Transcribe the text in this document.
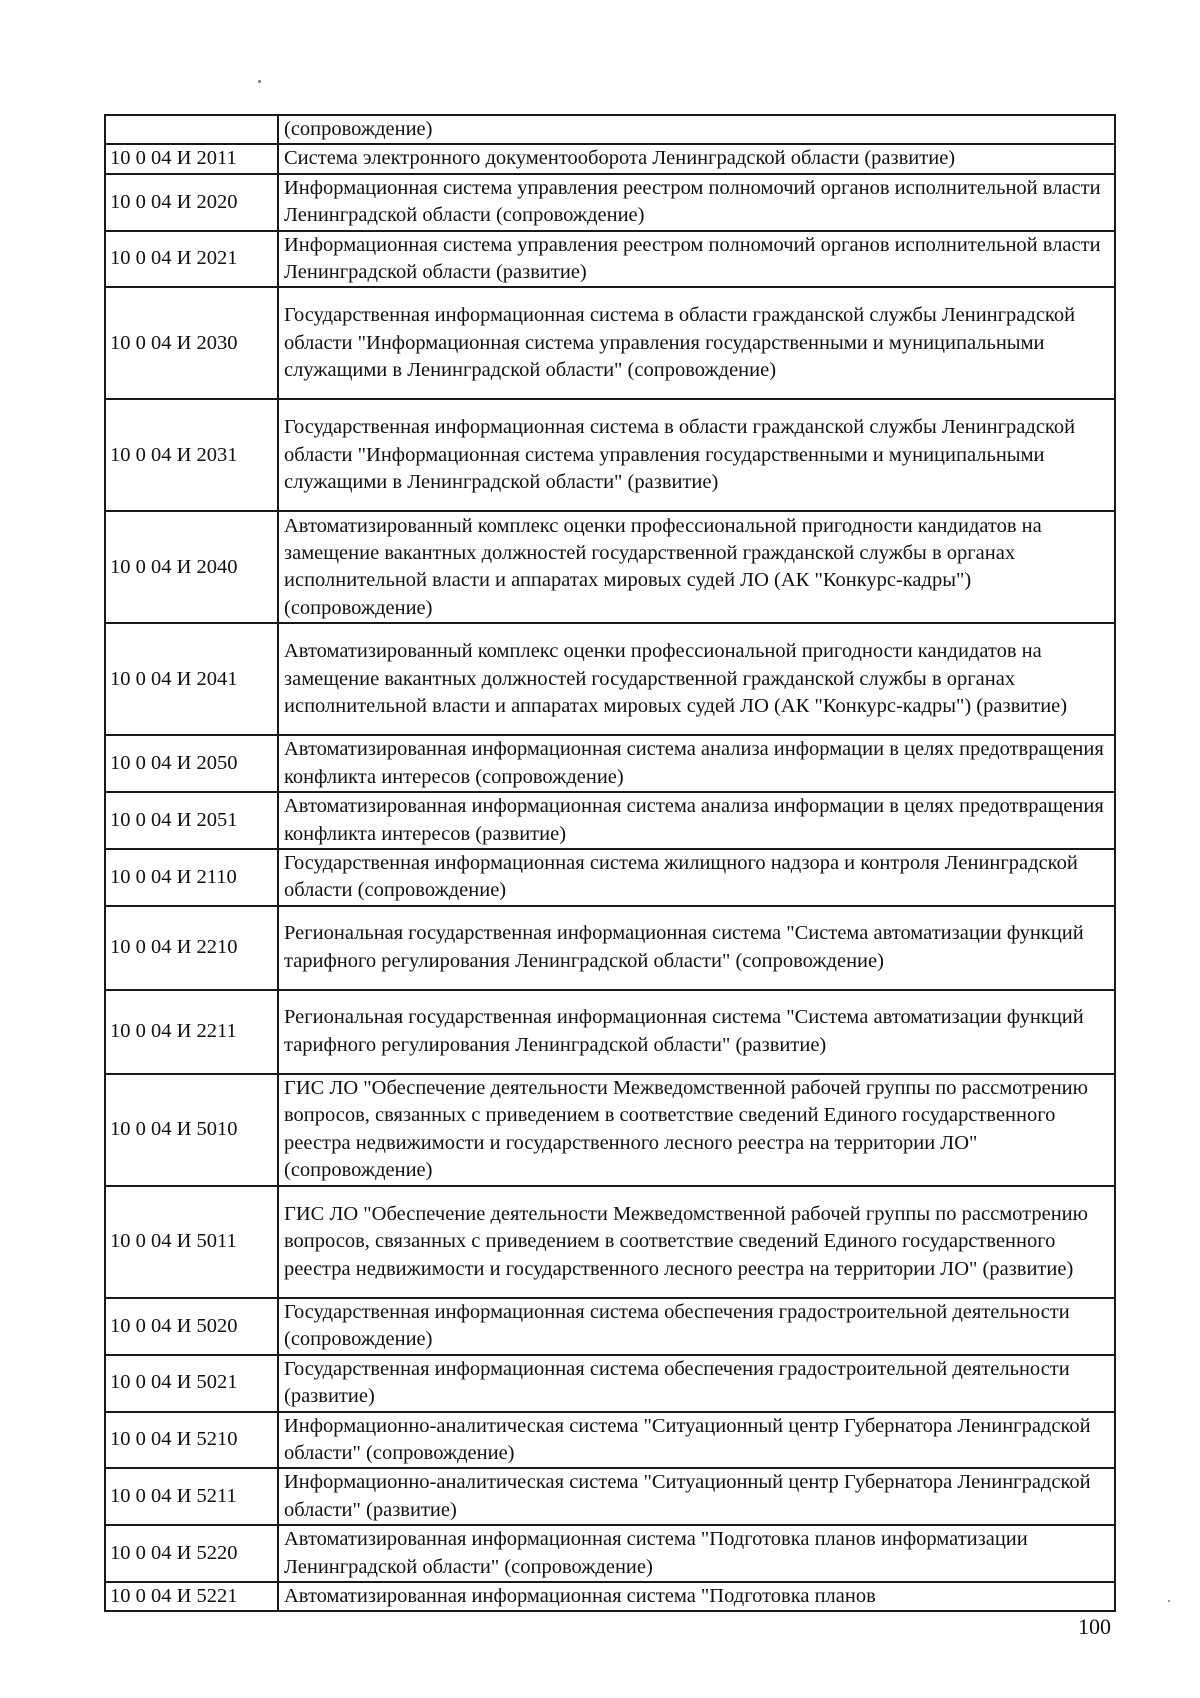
	(сопровождение)
10 0 04 И 2011	Система электронного документооборота Ленинградской области (развитие)
10 0 04 И 2020	Информационная система управления реестром полномочий органов исполнительной власти Ленинградской области (сопровождение)
10 0 04 И 2021	Информационная система управления реестром полномочий органов исполнительной власти Ленинградской области (развитие)
10 0 04 И 2030	Государственная информационная система в области гражданской службы Ленинградской области "Информационная система управления государственными и муниципальными служащими в Ленинградской области" (сопровождение)
10 0 04 И 2031	Государственная информационная система в области гражданской службы Ленинградской области "Информационная система управления государственными и муниципальными служащими в Ленинградской области" (развитие)
10 0 04 И 2040	Автоматизированный комплекс оценки профессиональной пригодности кандидатов на замещение вакантных должностей государственной гражданской службы в органах исполнительной власти и аппаратах мировых судей ЛО (АК "Конкурс-кадры") (сопровождение)
10 0 04 И 2041	Автоматизированный комплекс оценки профессиональной пригодности кандидатов на замещение вакантных должностей государственной гражданской службы в органах исполнительной власти и аппаратах мировых судей ЛО (АК "Конкурс-кадры") (развитие)
10 0 04 И 2050	Автоматизированная информационная система анализа информации в целях предотвращения конфликта интересов (сопровождение)
10 0 04 И 2051	Автоматизированная информационная система анализа информации в целях предотвращения конфликта интересов (развитие)
10 0 04 И 2110	Государственная информационная система жилищного надзора и контроля Ленинградской области (сопровождение)
10 0 04 И 2210	Региональная государственная информационная система "Система автоматизации функций тарифного регулирования Ленинградской области" (сопровождение)
10 0 04 И 2211	Региональная государственная информационная система "Система автоматизации функций тарифного регулирования Ленинградской области" (развитие)
10 0 04 И 5010	ГИС ЛО "Обеспечение деятельности Межведомственной рабочей группы по рассмотрению вопросов, связанных с приведением в соответствие сведений Единого государственного реестра недвижимости и государственного лесного реестра на территории ЛО" (сопровождение)
10 0 04 И 5011	ГИС ЛО "Обеспечение деятельности Межведомственной рабочей группы по рассмотрению вопросов, связанных с приведением в соответствие сведений Единого государственного реестра недвижимости и государственного лесного реестра на территории ЛО" (развитие)
10 0 04 И 5020	Государственная информационная система обеспечения градостроительной деятельности (сопровождение)
10 0 04 И 5021	Государственная информационная система обеспечения градостроительной деятельности (развитие)
10 0 04 И 5210	Информационно-аналитическая система "Ситуационный центр Губернатора Ленинградской области" (сопровождение)
10 0 04 И 5211	Информационно-аналитическая система "Ситуационный центр Губернатора Ленинградской области" (развитие)
10 0 04 И 5220	Автоматизированная информационная система "Подготовка планов информатизации Ленинградской области" (сопровождение)
10 0 04 И 5221	Автоматизированная информационная система "Подготовка планов
100
